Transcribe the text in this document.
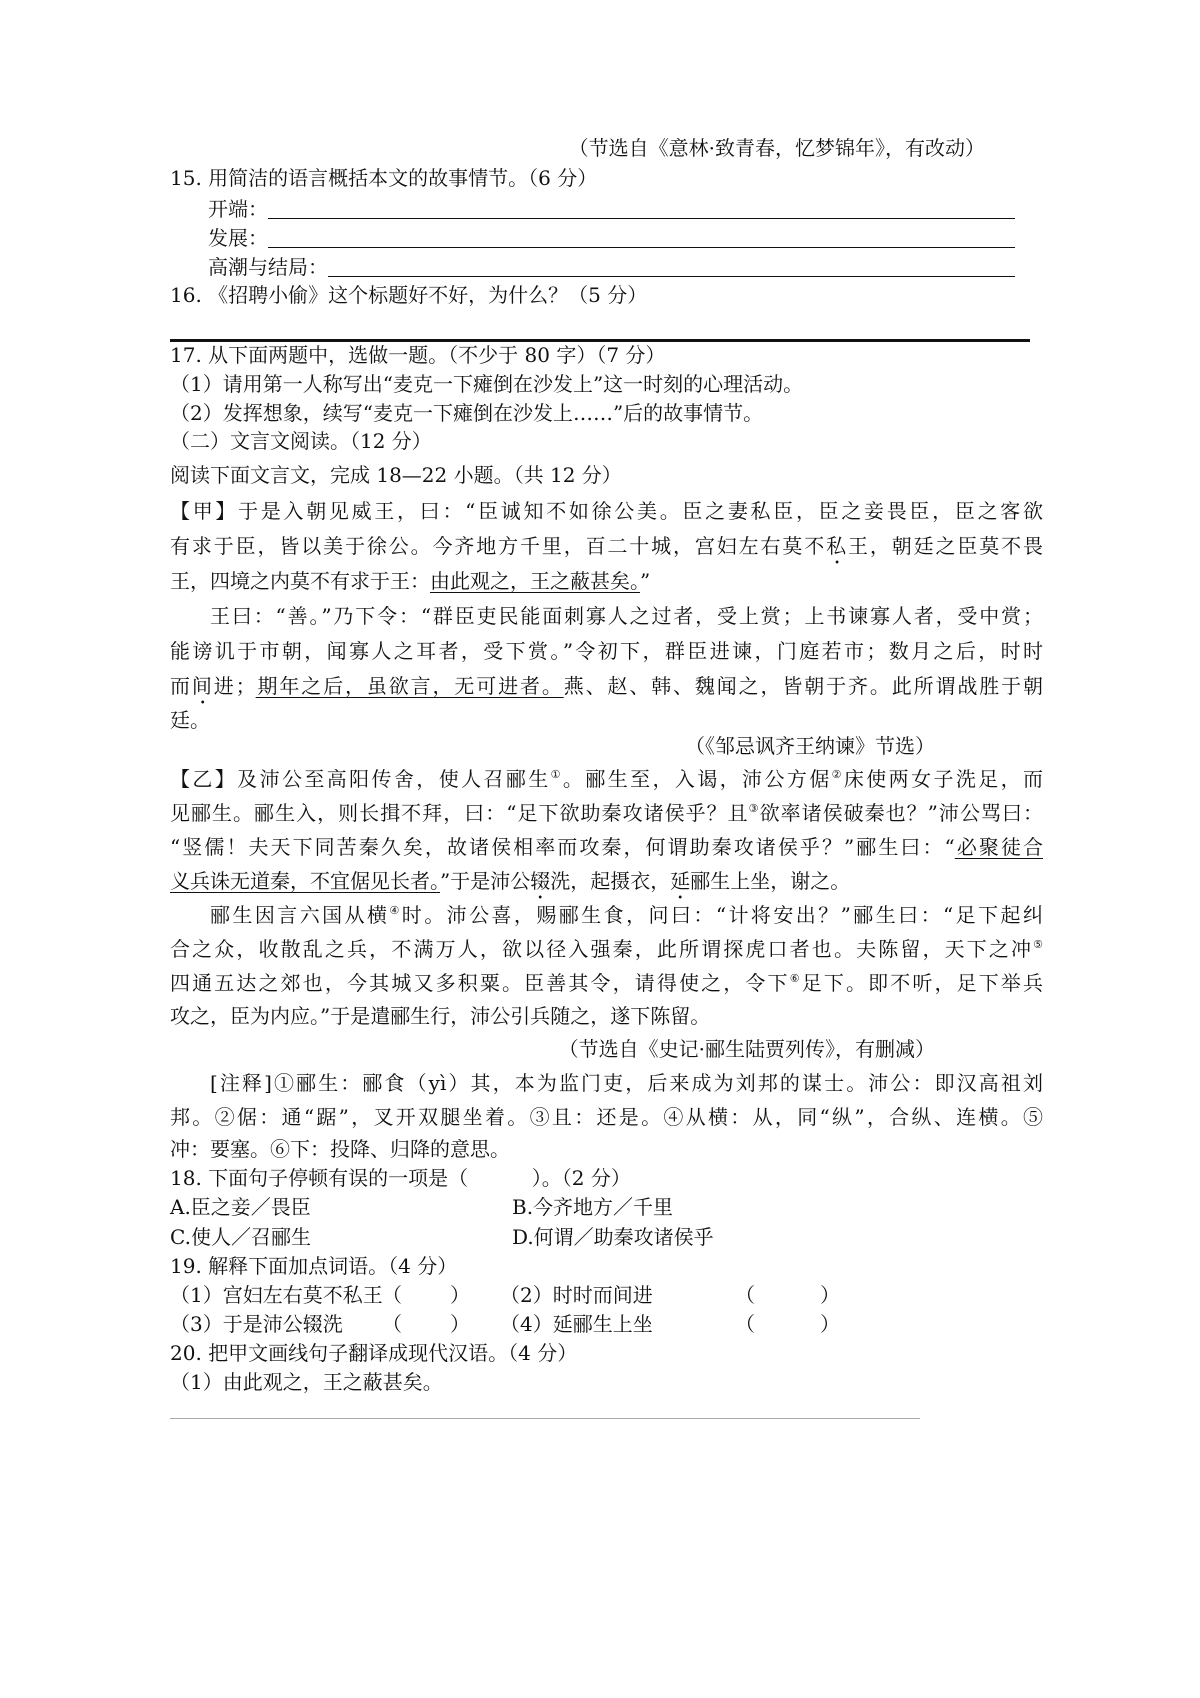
（节选自《意林·致青春，忆梦锦年》，有改动）
15. 用简洁的语言概括本文的故事情节。（6 分）
开端：
发展：
高潮与结局：
16. 《招聘小偷》这个标题好不好，为什么？（5 分）
17. 从下面两题中，选做一题。（不少于 80 字）（7 分）
（1）请用第一人称写出“麦克一下瘫倒在沙发上”这一时刻的心理活动。
（2）发挥想象，续写“麦克一下瘫倒在沙发上……”后的故事情节。
（二）文言文阅读。（12 分）
阅读下面文言文，完成 18—22 小题。（共 12 分）
【甲】于是入朝见威王，曰：“臣诚知不如徐公美。臣之妻私臣，臣之妾畏臣，臣之客欲
有求于臣，皆以美于徐公。今齐地方千里，百二十城，宫妇左右莫不私王，朝廷之臣莫不畏
王，四境之内莫不有求于王：由此观之，王之蔽甚矣。”
王曰：“善。”乃下令：“群臣吏民能面刺寡人之过者，受上赏；上书谏寡人者，受中赏；
能谤讥于市朝，闻寡人之耳者，受下赏。”令初下，群臣进谏，门庭若市；数月之后，时时
而间进；期年之后，虽欲言，无可进者。燕、赵、韩、魏闻之，皆朝于齐。此所谓战胜于朝
廷。
（《邹忌讽齐王纳谏》节选）
【乙】及沛公至高阳传舍，使人召郦生①。郦生至，入谒，沛公方倨②床使两女子洗足，而
见郦生。郦生入，则长揖不拜，曰：“足下欲助秦攻诸侯乎？且③欲率诸侯破秦也？”沛公骂曰：
“竖儒！夫天下同苦秦久矣，故诸侯相率而攻秦，何谓助秦攻诸侯乎？”郦生曰：“必聚徒合
义兵诛无道秦，不宜倨见长者。”于是沛公辍洗，起摄衣，延郦生上坐，谢之。
郦生因言六国从横④时。沛公喜，赐郦生食，问曰：“计将安出？”郦生曰：“足下起纠
合之众，收散乱之兵，不满万人，欲以径入强秦，此所谓探虎口者也。夫陈留，天下之冲⑤
四通五达之郊也，今其城又多积粟。臣善其令，请得使之，令下⑥足下。即不听，足下举兵
攻之，臣为内应。”于是遣郦生行，沛公引兵随之，遂下陈留。
（节选自《史记·郦生陆贾列传》，有删减）
[注释]①郦生：郦食（yì）其，本为监门吏，后来成为刘邦的谋士。沛公：即汉高祖刘
邦。②倨：通“踞”，叉开双腿坐着。③且：还是。④从横：从，同“纵”，合纵、连横。⑤
冲：要塞。⑥下：投降、归降的意思。
18. 下面句子停顿有误的一项是（          ）。（2 分）
A.臣之妾／畏臣	B.今齐地方／千里
C.使人／召郦生	D.何谓／助秦攻诸侯乎
19. 解释下面加点词语。（4 分）
（1）宫妇左右莫不私王 （ ） （2）时时而间进	（ ）
（3）于是沛公辍洗 （ ） （4）延郦生上坐	（ ）
20. 把甲文画线句子翻译成现代汉语。（4 分）
（1）由此观之，王之蔽甚矣。
